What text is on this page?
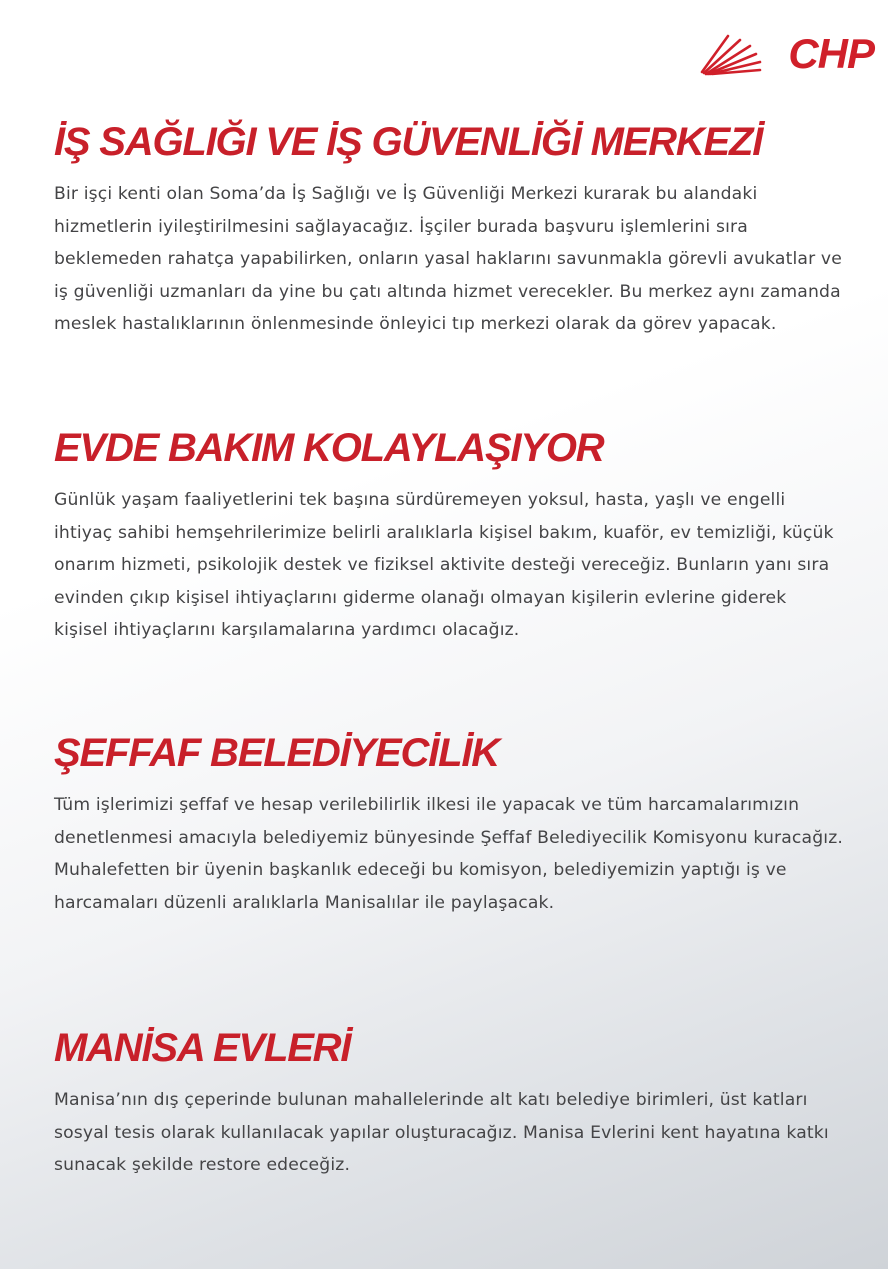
CHP
İŞ SAĞLIĞI VE İŞ GÜVENLİĞİ MERKEZİ

Bir işçi kenti olan Soma’da İş Sağlığı ve İş Güvenliği Merkezi kurarak bu alandaki hizmetlerin iyileştirilmesini sağlayacağız. İşçiler burada başvuru işlemlerini sıra beklemeden rahatça yapabilirken, onların yasal haklarını savunmakla görevli avukatlar ve iş güvenliği uzmanları da yine bu çatı altında hizmet verecekler. Bu merkez aynı zamanda meslek hastalıklarının önlenmesinde önleyici tıp merkezi olarak da görev yapacak.

EVDE BAKIM KOLAYLAŞIYOR

Günlük yaşam faaliyetlerini tek başına sürdüremeyen yoksul, hasta, yaşlı ve engelli ihtiyaç sahibi hemşehrilerimize belirli aralıklarla kişisel bakım, kuaför, ev temizliği, küçük onarım hizmeti, psikolojik destek ve fiziksel aktivite desteği vereceğiz. Bunların yanı sıra evinden çıkıp kişisel ihtiyaçlarını giderme olanağı olmayan kişilerin evlerine giderek kişisel ihtiyaçlarını karşılamalarına yardımcı olacağız.

ŞEFFAF BELEDİYECİLİK

Tüm işlerimizi şeffaf ve hesap verilebilirlik ilkesi ile yapacak ve tüm harcamalarımızın denetlenmesi amacıyla belediyemiz bünyesinde Şeffaf Belediyecilik Komisyonu kuracağız. Muhalefetten bir üyenin başkanlık edeceği bu komisyon, belediyemizin yaptığı iş ve harcamaları düzenli aralıklarla Manisalılar ile paylaşacak.

MANİSA EVLERİ

Manisa’nın dış çeperinde bulunan mahallelerinde alt katı belediye birimleri, üst katları sosyal tesis olarak kullanılacak yapılar oluşturacağız. Manisa Evlerini kent hayatına katkı sunacak şekilde restore edeceğiz.
